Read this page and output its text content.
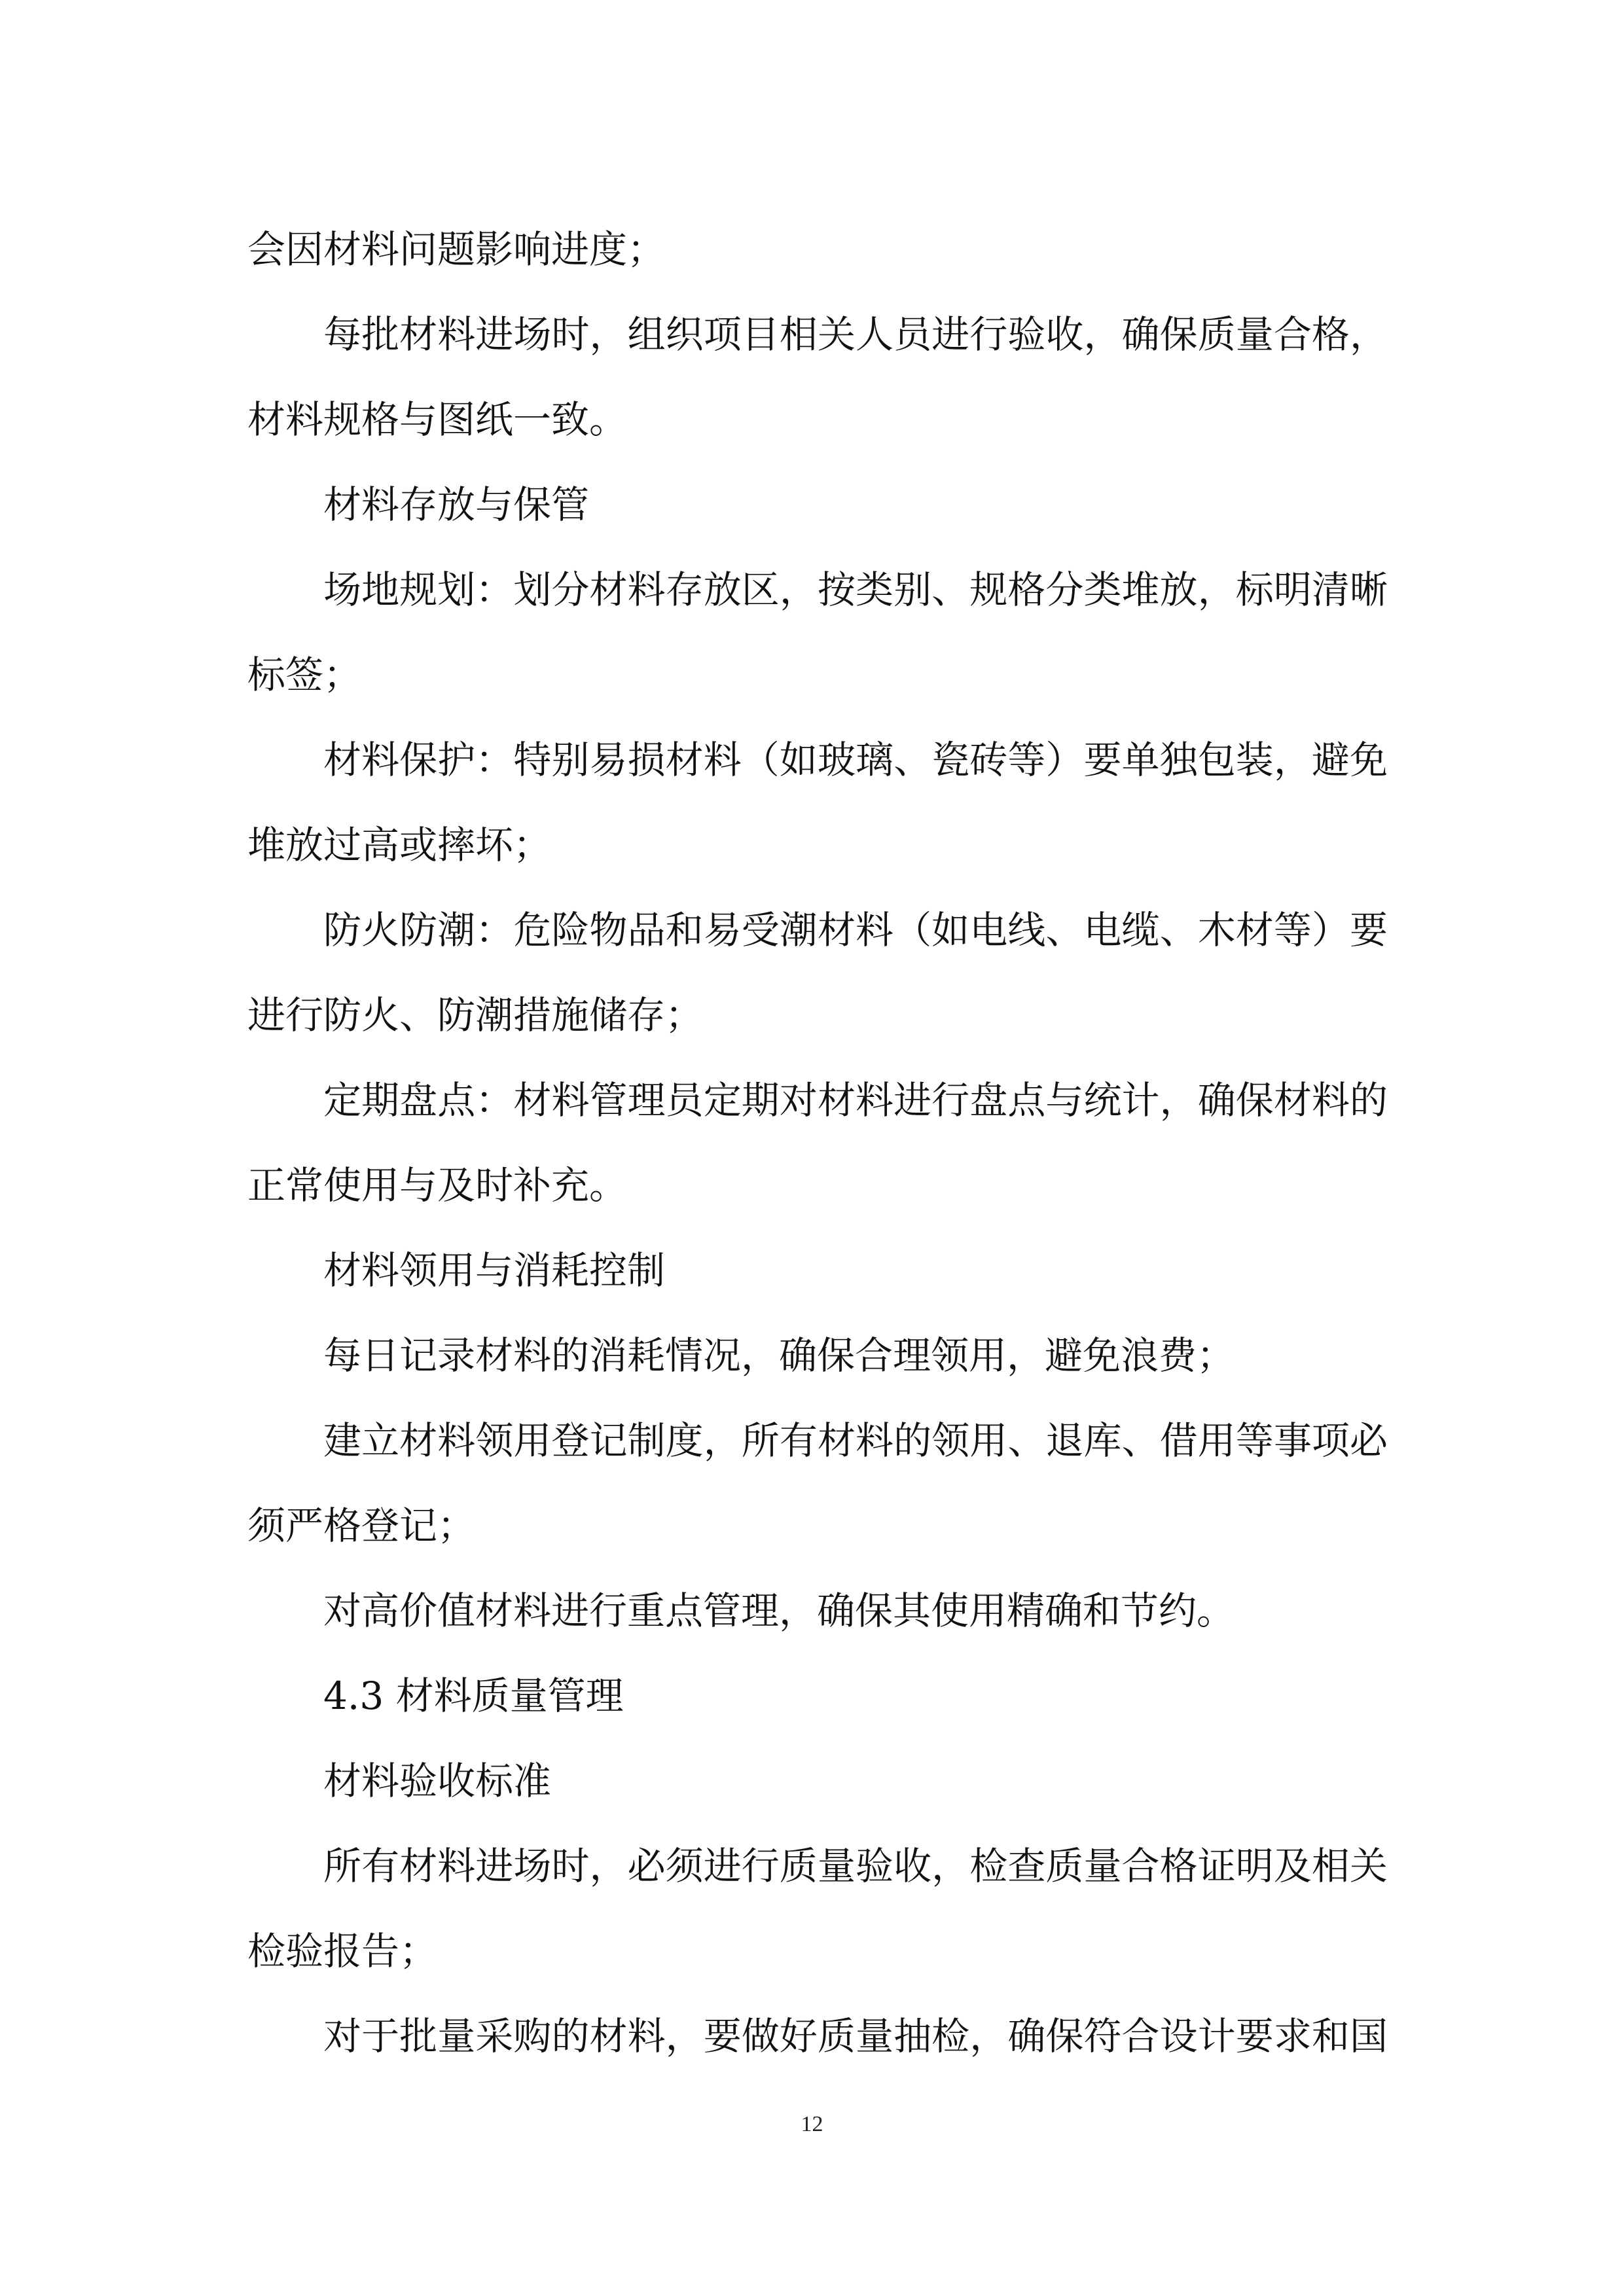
会因材料问题影响进度；
每批材料进场时，组织项目相关人员进行验收，确保质量合格，
材料规格与图纸一致。
材料存放与保管
场地规划：划分材料存放区，按类别、规格分类堆放，标明清晰
标签；
材料保护：特别易损材料（如玻璃、瓷砖等）要单独包装，避免
堆放过高或摔坏；
防火防潮：危险物品和易受潮材料（如电线、电缆、木材等）要
进行防火、防潮措施储存；
定期盘点：材料管理员定期对材料进行盘点与统计，确保材料的
正常使用与及时补充。
材料领用与消耗控制
每日记录材料的消耗情况，确保合理领用，避免浪费；
建立材料领用登记制度，所有材料的领用、退库、借用等事项必
须严格登记；
对高价值材料进行重点管理，确保其使用精确和节约。
4.3 材料质量管理
材料验收标准
所有材料进场时，必须进行质量验收，检查质量合格证明及相关
检验报告；
对于批量采购的材料，要做好质量抽检，确保符合设计要求和国
12
